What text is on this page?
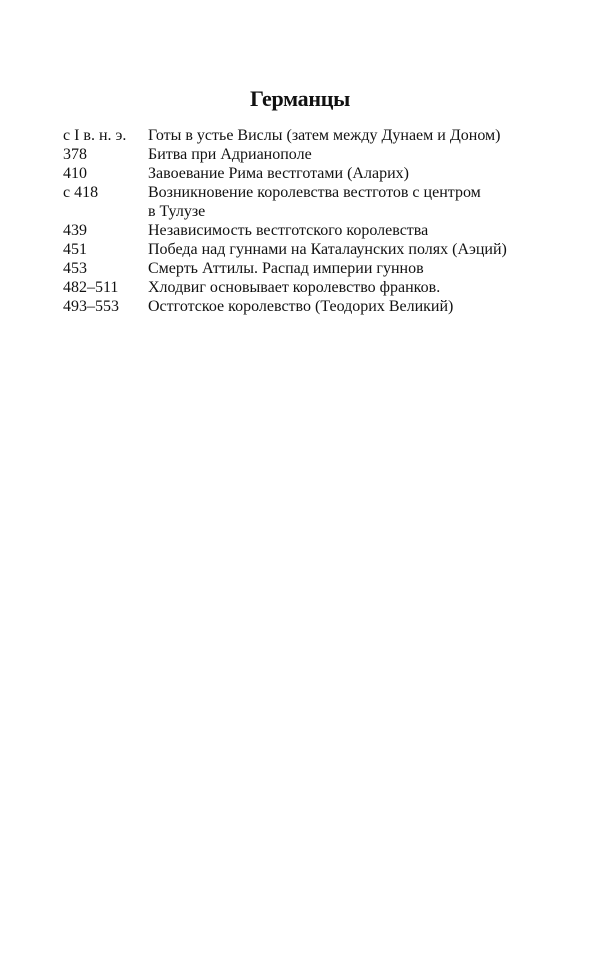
Германцы
с I в. н. э.	Готы в устье Вислы (затем между Дунаем и Доном)
378	Битва при Адрианополе
410	Завоевание Рима вестготами (Аларих)
с 418	Возникновение королевства вестготов с центром
в Тулузе
439	Независимость вестготского королевства
451	Победа над гуннами на Каталаунских полях (Аэций)
453	Смерть Аттилы. Распад империи гуннов
482–511	Хлодвиг основывает королевство франков.
493–553	Остготское королевство (Теодорих Великий)
